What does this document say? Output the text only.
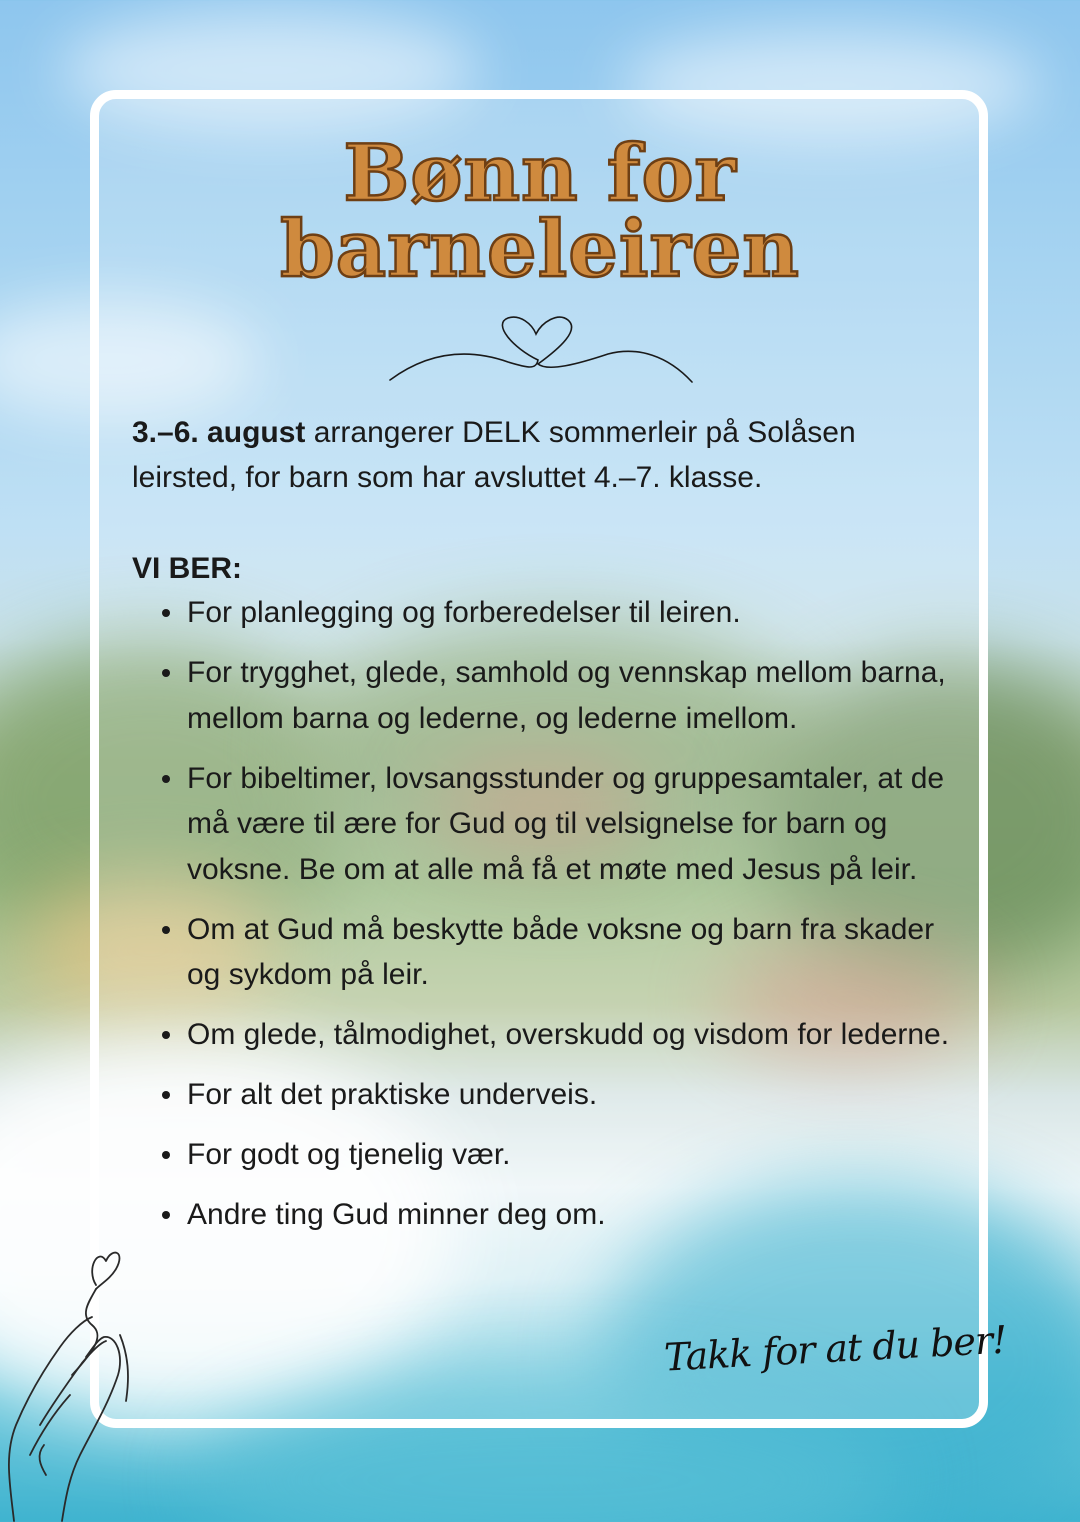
Bønn for
barneleiren

3.–6. august arrangerer DELK sommerleir på Solåsen leirsted, for barn som har avsluttet 4.–7. klasse.

VI BER:

For planlegging og forberedelser til leiren.
For trygghet, glede, samhold og vennskap mellom barna, mellom barna og lederne, og lederne imellom.
For bibeltimer, lovsangsstunder og gruppesamtaler, at de må være til ære for Gud og til velsignelse for barn og voksne. Be om at alle må få et møte med Jesus på leir.
Om at Gud må beskytte både voksne og barn fra skader og sykdom på leir.
Om glede, tålmodighet, overskudd og visdom for lederne.
For alt det praktiske underveis.
For godt og tjenelig vær.
Andre ting Gud minner deg om.
Takk for at du ber!
